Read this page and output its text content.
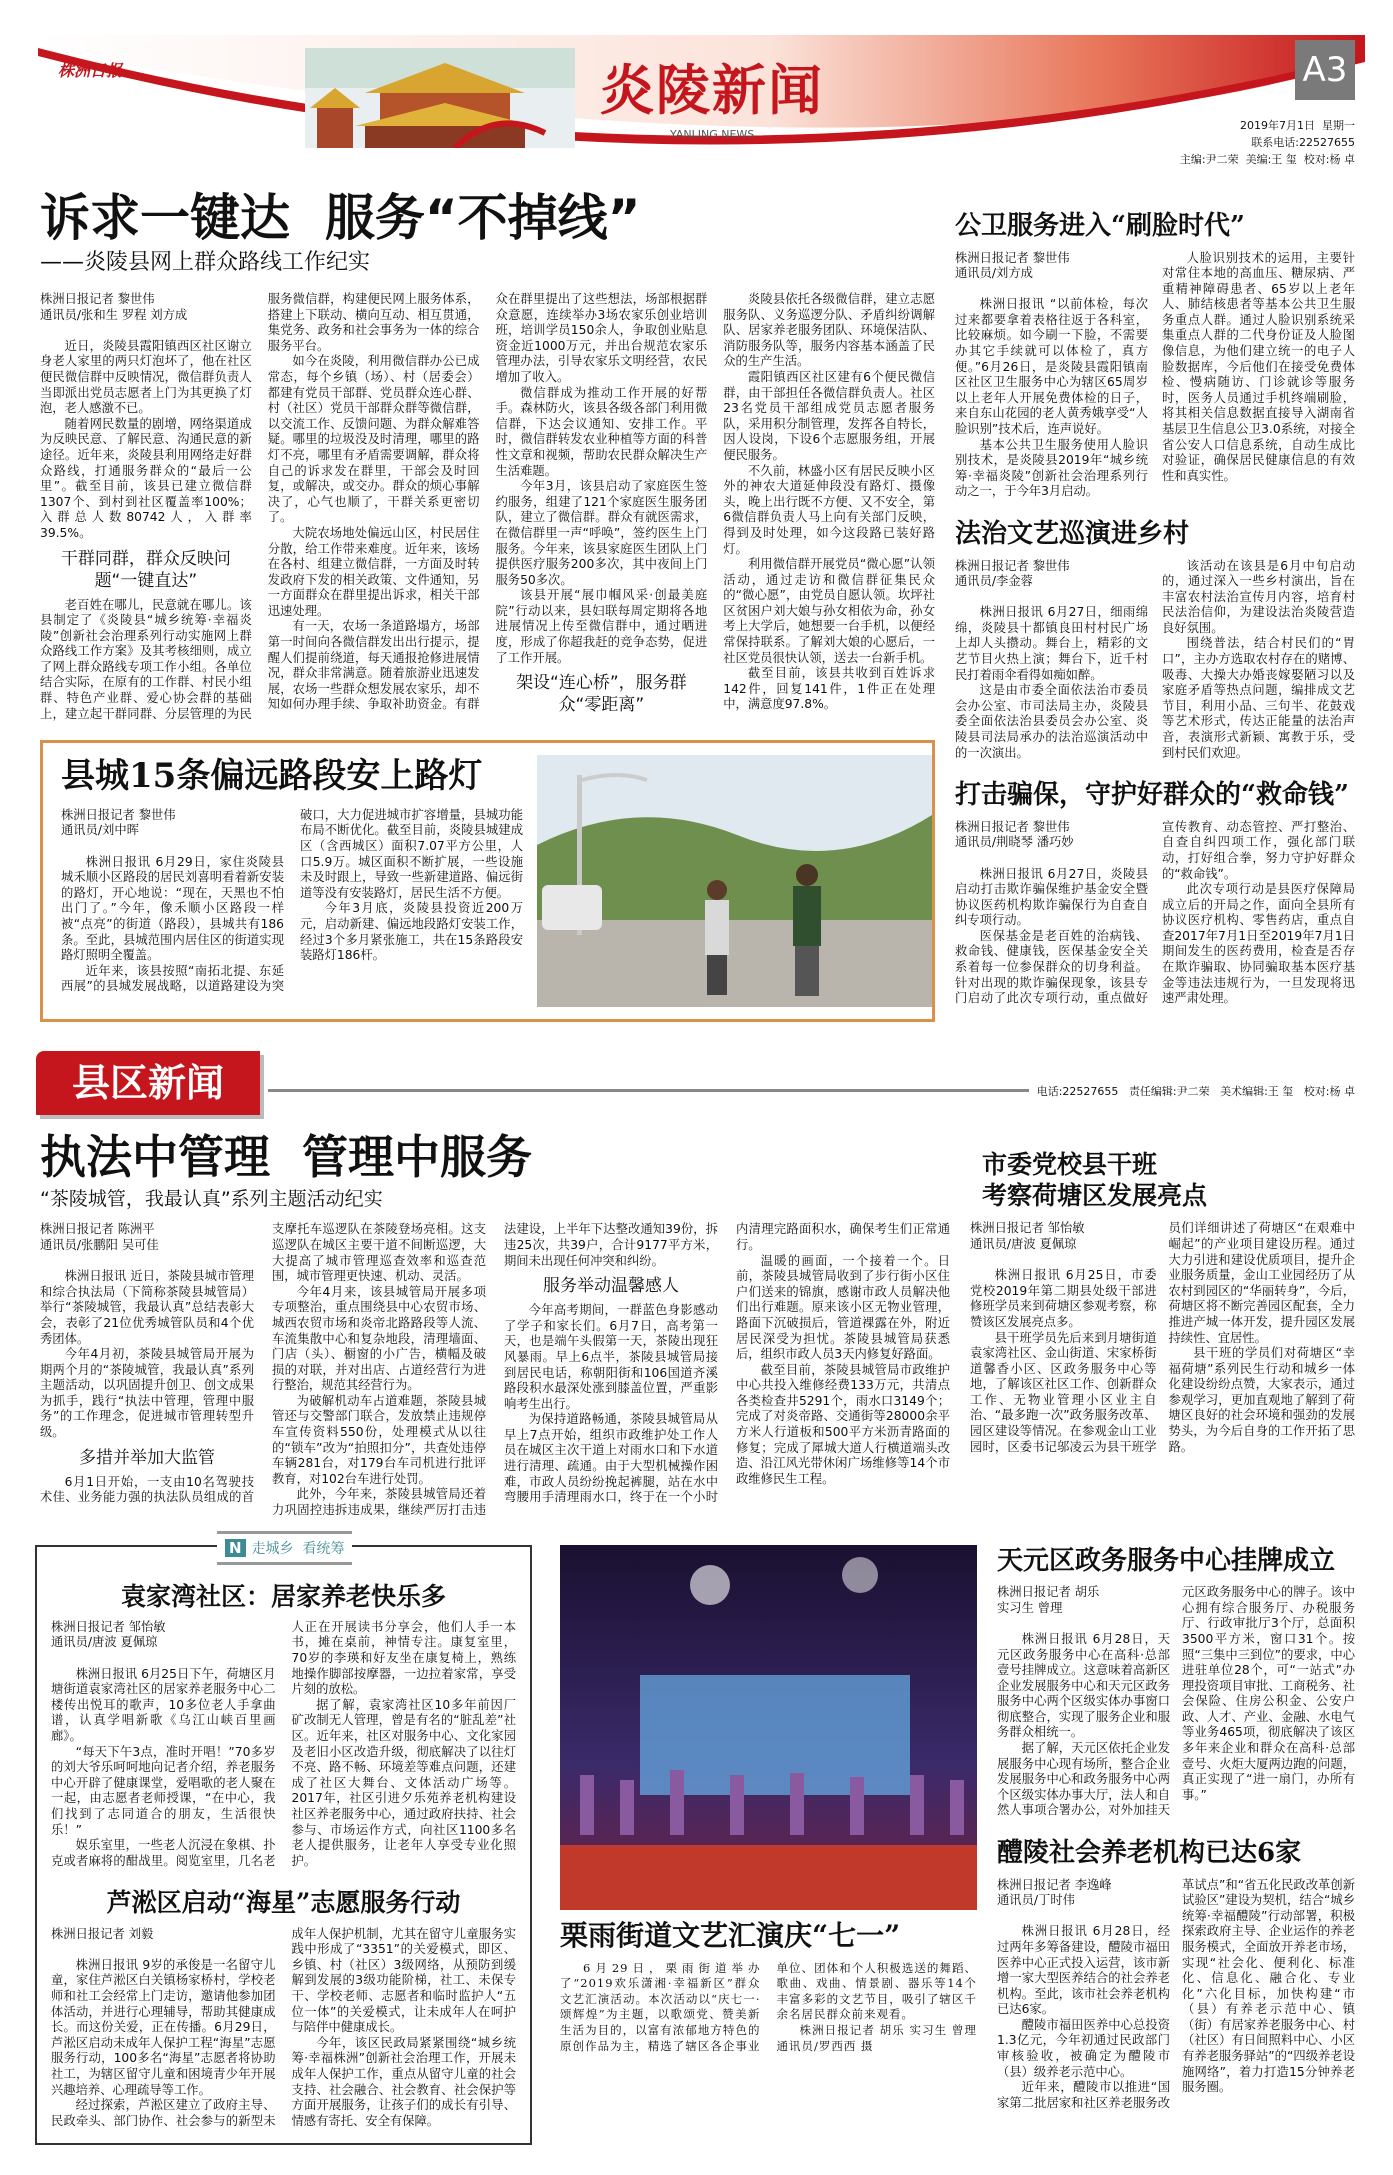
株洲日报	炎陵新闻
YANLING NEWS
A3
2019年7月1日  星期一
联系电话:22527655
主编:尹二荣  美编:王 玺  校对:杨 卓
诉求一键达  服务“不掉线”
——炎陵县网上群众路线工作纪实

株洲日报记者 黎世伟

通讯员/张和生 罗程 刘方成

近日，炎陵县霞阳镇西区社区谢立身老人家里的两只灯泡坏了，他在社区便民微信群中反映情况，微信群负责人当即派出党员志愿者上门为其更换了灯泡，老人感激不已。

随着网民数量的剧增，网络渠道成为反映民意、了解民意、沟通民意的新途径。近年来，炎陵县利用网络走好群众路线，打通服务群众的“最后一公里”。截至目前，该县已建立微信群1307个、到村到社区覆盖率100%；入群总人数80742人，入群率39.5%。

干群同群，群众反映问题“一键直达”

老百姓在哪儿，民意就在哪儿。该县制定了《炎陵县“城乡统筹·幸福炎陵”创新社会治理系列行动实施网上群众路线工作方案》及其考核细则，成立了网上群众路线专项工作小组。各单位结合实际，在原有的工作群、村民小组群、特色产业群、爱心协会群的基础上，建立起干群同群、分层管理的为民服务微信群，构建便民网上服务体系，搭建上下联动、横向互动、相互贯通，集党务、政务和社会事务为一体的综合服务平台。

如今在炎陵，利用微信群办公已成常态，每个乡镇（场）、村（居委会）都建有党员干部群、党员群众连心群、村（社区）党员干部群众群等微信群，以交流工作、反馈问题、为群众解难答疑。哪里的垃圾没及时清理，哪里的路灯不亮，哪里有矛盾需要调解，群众将自己的诉求发在群里，干部会及时回复，或解决，或交办。群众的烦心事解决了，心气也顺了，干群关系更密切了。

大院农场地处偏远山区，村民居住分散，给工作带来难度。近年来，该场在各村、组建立微信群，一方面及时转发政府下发的相关政策、文件通知，另一方面群众在群里提出诉求，相关干部迅速处理。

有一天，农场一条道路塌方，场部第一时间向各微信群发出出行提示，提醒人们提前绕道，每天通报抢修进展情况，群众非常满意。随着旅游业迅速发展，农场一些群众想发展农家乐，却不知如何办理手续、争取补助资金。有群众在群里提出了这些想法，场部根据群众意愿，连续举办3场农家乐创业培训班，培训学员150余人，争取创业贴息资金近1000万元，并出台规范农家乐管理办法，引导农家乐文明经营，农民增加了收入。

微信群成为推动工作开展的好帮手。森林防火，该县各级各部门利用微信群，下达会议通知、安排工作。平时，微信群转发农业种植等方面的科普性文章和视频，帮助农民群众解决生产生活难题。

今年3月，该县启动了家庭医生签约服务，组建了121个家庭医生服务团队，建立了微信群。群众有就医需求，在微信群里一声“呼唤”，签约医生上门服务。今年来，该县家庭医生团队上门提供医疗服务200多次，其中夜间上门服务50多次。

该县开展“展巾帼风采·创最美庭院”行动以来，县妇联每周定期将各地进展情况上传至微信群中，通过晒进度，形成了你超我赶的竞争态势，促进了工作开展。

架设“连心桥”，服务群众“零距离”

炎陵县依托各级微信群，建立志愿服务队、义务巡逻分队、矛盾纠纷调解队、居家养老服务团队、环境保洁队、消防服务队等，服务内容基本涵盖了民众的生产生活。

霞阳镇西区社区建有6个便民微信群，由干部担任各微信群负责人。社区23名党员干部组成党员志愿者服务队，采用积分制管理，发挥各自特长，因人设岗，下设6个志愿服务组，开展便民服务。

不久前，林盛小区有居民反映小区外的神农大道延伸段没有路灯、摄像头，晚上出行既不方便、又不安全，第6微信群负责人马上向有关部门反映，得到及时处理，如今这段路已装好路灯。

利用微信群开展党员“微心愿”认领活动，通过走访和微信群征集民众的“微心愿”，由党员自愿认领。坎坪社区贫困户刘大娘与孙女相依为命，孙女考上大学后，她想要一台手机，以便经常保持联系。了解刘大娘的心愿后，一社区党员很快认领，送去一台新手机。

截至目前，该县共收到百姓诉求142件，回复141件，1件正在处理中，满意度97.8%。

县城15条偏远路段安上路灯

株洲日报记者 黎世伟

通讯员/刘中晖

株洲日报讯 6月29日，家住炎陵县城禾顺小区路段的居民刘喜明看着新安装的路灯，开心地说：“现在，天黑也不怕出门了。”今年，像禾顺小区路段一样被“点亮”的街道（路段），县城共有186条。至此，县城范围内居住区的街道实现路灯照明全覆盖。

近年来，该县按照“南拓北提、东延西展”的县城发展战略，以道路建设为突破口，大力促进城市扩容增量，县城功能布局不断优化。截至目前，炎陵县城建成区（含西城区）面积7.07平方公里，人口5.9万。城区面积不断扩展，一些设施未及时跟上，导致一些新建道路、偏远街道等没有安装路灯，居民生活不方便。

今年3月底，炎陵县投资近200万元，启动新建、偏远地段路灯安装工作，经过3个多月紧张施工，共在15条路段安装路灯186杆。

公卫服务进入“刷脸时代”

株洲日报记者 黎世伟

通讯员/刘方成

株洲日报讯 “以前体检，每次过来都要拿着表格往返于各科室，比较麻烦。如今刷一下脸，不需要办其它手续就可以体检了，真方便。”6月26日，是炎陵县霞阳镇南区社区卫生服务中心为辖区65周岁以上老年人开展免费体检的日子，来自东山花园的老人黄秀娥享受“人脸识别”技术后，连声说好。

基本公共卫生服务使用人脸识别技术，是炎陵县2019年“城乡统筹·幸福炎陵”创新社会治理系列行动之一，于今年3月启动。

人脸识别技术的运用，主要针对常住本地的高血压、糖尿病、严重精神障碍患者、65岁以上老年人、肺结核患者等基本公共卫生服务重点人群。通过人脸识别系统采集重点人群的二代身份证及人脸图像信息，为他们建立统一的电子人脸数据库，今后他们在接受免费体检、慢病随访、门诊就诊等服务时，医务人员通过手机终端刷脸，将其相关信息数据直接导入湖南省基层卫生信息公卫3.0系统，对接全省公安人口信息系统，自动生成比对验证，确保居民健康信息的有效性和真实性。

法治文艺巡演进乡村

株洲日报记者 黎世伟

通讯员/李金蓉

株洲日报讯 6月27日，细雨绵绵，炎陵县十都镇良田村村民广场上却人头攒动。舞台上，精彩的文艺节目火热上演；舞台下，近千村民打着雨伞看得如痴如醉。

这是由市委全面依法治市委员会办公室、市司法局主办，炎陵县委全面依法治县委员会办公室、炎陵县司法局承办的法治巡演活动中的一次演出。

该活动在该县是6月中旬启动的，通过深入一些乡村演出，旨在丰富农村法治宣传月内容，培育村民法治信仰，为建设法治炎陵营造良好氛围。

围绕普法，结合村民们的“胃口”，主办方选取农村存在的赌博、吸毒、大操大办婚丧嫁娶陋习以及家庭矛盾等热点问题，编排成文艺节目，利用小品、三句半、花鼓戏等艺术形式，传达正能量的法治声音，表演形式新颖、寓教于乐，受到村民们欢迎。

打击骗保，守护好群众的“救命钱”

株洲日报记者 黎世伟

通讯员/荆晓琴 潘巧妙

株洲日报讯 6月27日，炎陵县启动打击欺诈骗保维护基金安全暨协议医药机构欺诈骗保行为自查自纠专项行动。

医保基金是老百姓的治病钱、救命钱、健康钱，医保基金安全关系着每一位参保群众的切身利益。针对出现的欺诈骗保现象，该县专门启动了此次专项行动，重点做好宣传教育、动态管控、严打整治、自查自纠四项工作，强化部门联动，打好组合拳，努力守护好群众的“救命钱”。

此次专项行动是县医疗保障局成立后的开局之作，面向全县所有协议医疗机构、零售药店，重点自查2017年7月1日至2019年7月1日期间发生的医药费用，检查是否存在欺诈骗取、协同骗取基本医疗基金等违法违规行为，一旦发现将迅速严肃处理。

县区新闻	电话:22527655   责任编辑:尹二荣   美术编辑:王 玺   校对:杨 卓
执法中管理  管理中服务
“茶陵城管，我最认真”系列主题活动纪实

株洲日报记者 陈洲平

通讯员/张鹏阳 吴可佳

株洲日报讯 近日，茶陵县城市管理和综合执法局（下简称茶陵县城管局）举行“茶陵城管，我最认真”总结表彰大会，表彰了21位优秀城管队员和4个优秀团体。

今年4月初，茶陵县城管局开展为期两个月的“茶陵城管，我最认真”系列主题活动，以巩固提升创卫、创文成果为抓手，践行“执法中管理，管理中服务”的工作理念，促进城市管理转型升级。

多措并举加大监管

6月1日开始，一支由10名驾驶技术佳、业务能力强的执法队员组成的首支摩托车巡逻队在茶陵登场亮相。这支巡逻队在城区主要干道不间断巡逻，大大提高了城市管理巡查效率和巡查范围，城市管理更快速、机动、灵活。

今年4月来，该县城管局开展多项专项整治，重点围绕县中心农贸市场、城西农贸市场和炎帝北路路段等人流、车流集散中心和复杂地段，清理墙面、门店（头）、橱窗的小广告，横幅及破损的对联，并对出店、占道经营行为进行整治，规范其经营行为。

为破解机动车占道难题，茶陵县城管还与交警部门联合，发放禁止违规停车宣传资料550份，处理模式从以往的“锁车”改为“拍照扣分”，共查处违停车辆281台，对179台车司机进行批评教育，对102台车进行处罚。

此外，今年来，茶陵县城管局还着力巩固控违拆违成果，继续严厉打击违法建设，上半年下达整改通知39份，拆违25次，共39户，合计9177平方米，期间未出现任何冲突和纠纷。

服务举动温馨感人

今年高考期间，一群蓝色身影感动了学子和家长们。6月7日，高考第一天，也是端午头假第一天，茶陵出现狂风暴雨。早上6点半，茶陵县城管局接到居民电话，称朝阳街和106国道齐溪路段积水最深处涨到膝盖位置，严重影响考生出行。

为保持道路畅通，茶陵县城管局从早上7点开始，组织市政维护处工作人员在城区主次干道上对雨水口和下水道进行清理、疏通。由于大型机械操作困难，市政人员纷纷挽起裤腿，站在水中弯腰用手清理雨水口，终于在一个小时内清理完路面积水，确保考生们正常通行。

温暖的画面，一个接着一个。日前，茶陵县城管局收到了步行街小区住户们送来的锦旗，感谢市政人员解决他们出行难题。原来该小区无物业管理，路面下沉破损后，管道裸露在外，附近居民深受为担忧。茶陵县城管局获悉后，组织市政人员3天内修复好路面。

截至目前，茶陵县城管局市政维护中心共投入维修经费133万元，共清点各类检查井5291个，雨水口3149个；完成了对炎帝路、交通街等28000余平方米人行道板和500平方米沥青路面的修复；完成了犀城大道人行横道端头改造、沿江风光带休闲广场维修等14个市政维修民生工程。

市委党校县干班
考察荷塘区发展亮点

株洲日报记者 邹怡敏

通讯员/唐波 夏佩琼

株洲日报讯 6月25日，市委党校2019年第二期县处级干部进修班学员来到荷塘区参观考察，称赞该区发展亮点多。

县干班学员先后来到月塘街道袁家湾社区、金山街道、宋家桥街道馨香小区、区政务服务中心等地，了解该区社区工作、创新群众工作、无物业管理小区业主自治、“最多跑一次”政务服务改革、园区建设等情况。在参观金山工业园时，区委书记邬凌云为县干班学员们详细讲述了荷塘区“在艰难中崛起”的产业项目建设历程。通过大力引进和建设优质项目，提升企业服务质量，金山工业园经历了从农村到园区的“华丽转身”，今后，荷塘区将不断完善园区配套，全力推进产城一体开发，提升园区发展持续性、宜居性。

县干班的学员们对荷塘区“幸福荷塘”系列民生行动和城乡一体化建设纷纷点赞，大家表示，通过参观学习，更加直观地了解到了荷塘区良好的社会环境和强劲的发展势头，为今后自身的工作开拓了思路。

N 走城乡  看统筹
袁家湾社区：居家养老快乐多

株洲日报记者 邹怡敏

通讯员/唐波 夏佩琼

株洲日报讯 6月25日下午，荷塘区月塘街道袁家湾社区的居家养老服务中心二楼传出悦耳的歌声，10多位老人手拿曲谱，认真学唱新歌《乌江山峡百里画廊》。

“每天下午3点，准时开唱！”70多岁的刘大爷乐呵呵地向记者介绍，养老服务中心开辟了健康课堂，爱唱歌的老人聚在一起，由志愿者老师授课，“在中心，我们找到了志同道合的朋友，生活很快乐！”

娱乐室里，一些老人沉浸在象棋、扑克或者麻将的酣战里。阅览室里，几名老人正在开展读书分享会，他们人手一本书，摊在桌前，神情专注。康复室里，70岁的李瑛和好友坐在康复椅上，熟练地操作脚部按摩器，一边拉着家常，享受片刻的放松。

据了解，袁家湾社区10多年前因厂矿改制无人管理，曾是有名的“脏乱差”社区。近年来，社区对服务中心、文化家园及老旧小区改造升级，彻底解决了以往灯不亮、路不畅、环境差等难点问题，还建成了社区大舞台、文体活动广场等。2017年，社区引进夕乐苑养老机构建设社区养老服务中心，通过政府扶持、社会参与、市场运作方式，向社区1100多名老人提供服务，让老年人享受专业化照护。

芦淞区启动“海星”志愿服务行动

株洲日报记者 刘毅

株洲日报讯 9岁的承俊是一名留守儿童，家住芦淞区白关镇杨家桥村，学校老师和社工会经常上门走访，邀请他参加团体活动，并进行心理辅导，帮助其健康成长。而这份关爱，正在传播。6月29日，芦淞区启动未成年人保护工程“海星”志愿服务行动，100多名“海星”志愿者将协助社工，为辖区留守儿童和困境青少年开展兴趣培养、心理疏导等工作。

经过探索，芦淞区建立了政府主导、民政牵头、部门协作、社会参与的新型未成年人保护机制，尤其在留守儿童服务实践中形成了“3351”的关爱模式，即区、乡镇、村（社区）3级网络，从预防到缓解到发展的3级功能阶梯，社工、未保专干、学校老师、志愿者和临时监护人“五位一体”的关爱模式，让未成年人在呵护与陪伴中健康成长。

今年，该区民政局紧紧围绕“城乡统筹·幸福株洲”创新社会治理工作，开展未成年人保护工作，重点从留守儿童的社会支持、社会融合、社会教育、社会保护等方面开展服务，让孩子们的成长有引导、情感有寄托、安全有保障。

栗雨街道文艺汇演庆“七一”

6月29日，栗雨街道举办了“2019欢乐潇湘·幸福新区”群众文艺汇演活动。本次活动以“庆七一·颂辉煌”为主题，以歌颂党、赞美新生活为目的，以富有浓郁地方特色的原创作品为主，精选了辖区各企事业单位、团体和个人积极选送的舞蹈、歌曲、戏曲、情景剧、器乐等14个丰富多彩的文艺节目，吸引了辖区千余名居民群众前来观看。

株洲日报记者 胡乐 实习生 曾理 通讯员/罗西西 摄

天元区政务服务中心挂牌成立

株洲日报记者 胡乐

实习生 曾理

株洲日报讯 6月28日，天元区政务服务中心在高科·总部壹号挂牌成立。这意味着高新区企业发展服务中心和天元区政务服务中心两个区级实体办事窗口彻底整合，实现了服务企业和服务群众相统一。

据了解，天元区依托企业发展服务中心现有场所，整合企业发展服务中心和政务服务中心两个区级实体办事大厅，法人和自然人事项合署办公，对外加挂天元区政务服务中心的牌子。该中心拥有综合服务厅、办税服务厅、行政审批厅3个厅，总面积3500平方米，窗口31个。按照“三集中三到位”的要求，中心进驻单位28个，可“一站式”办理投资项目审批、工商税务、社会保险、住房公积金、公安户政、人才、产业、金融、水电气等业务465项，彻底解决了该区多年来企业和群众在高科·总部壹号、火炬大厦两边跑的问题，真正实现了“进一扇门，办所有事。”

醴陵社会养老机构已达6家

株洲日报记者 李逸峰

通讯员/丁时伟

株洲日报讯 6月28日，经过两年多筹备建设，醴陵市福田医养中心正式投入运营，该市新增一家大型医养结合的社会养老机构。至此，该市社会养老机构已达6家。

醴陵市福田医养中心总投资1.3亿元，今年初通过民政部门审核验收，被确定为醴陵市（县）级养老示范中心。

近年来，醴陵市以推进“国家第二批居家和社区养老服务改革试点”和“省五化民政改革创新试验区”建设为契机，结合“城乡统筹·幸福醴陵”行动部署，积极探索政府主导、企业运作的养老服务模式，全面放开养老市场，实现“社会化、便利化、标准化、信息化、融合化、专业化”六化目标，加快构建“市（县）有养老示范中心、镇（街）有居家养老服务中心、村（社区）有日间照料中心、小区有养老服务驿站”的“四级养老设施网络”，着力打造15分钟养老服务圈。
